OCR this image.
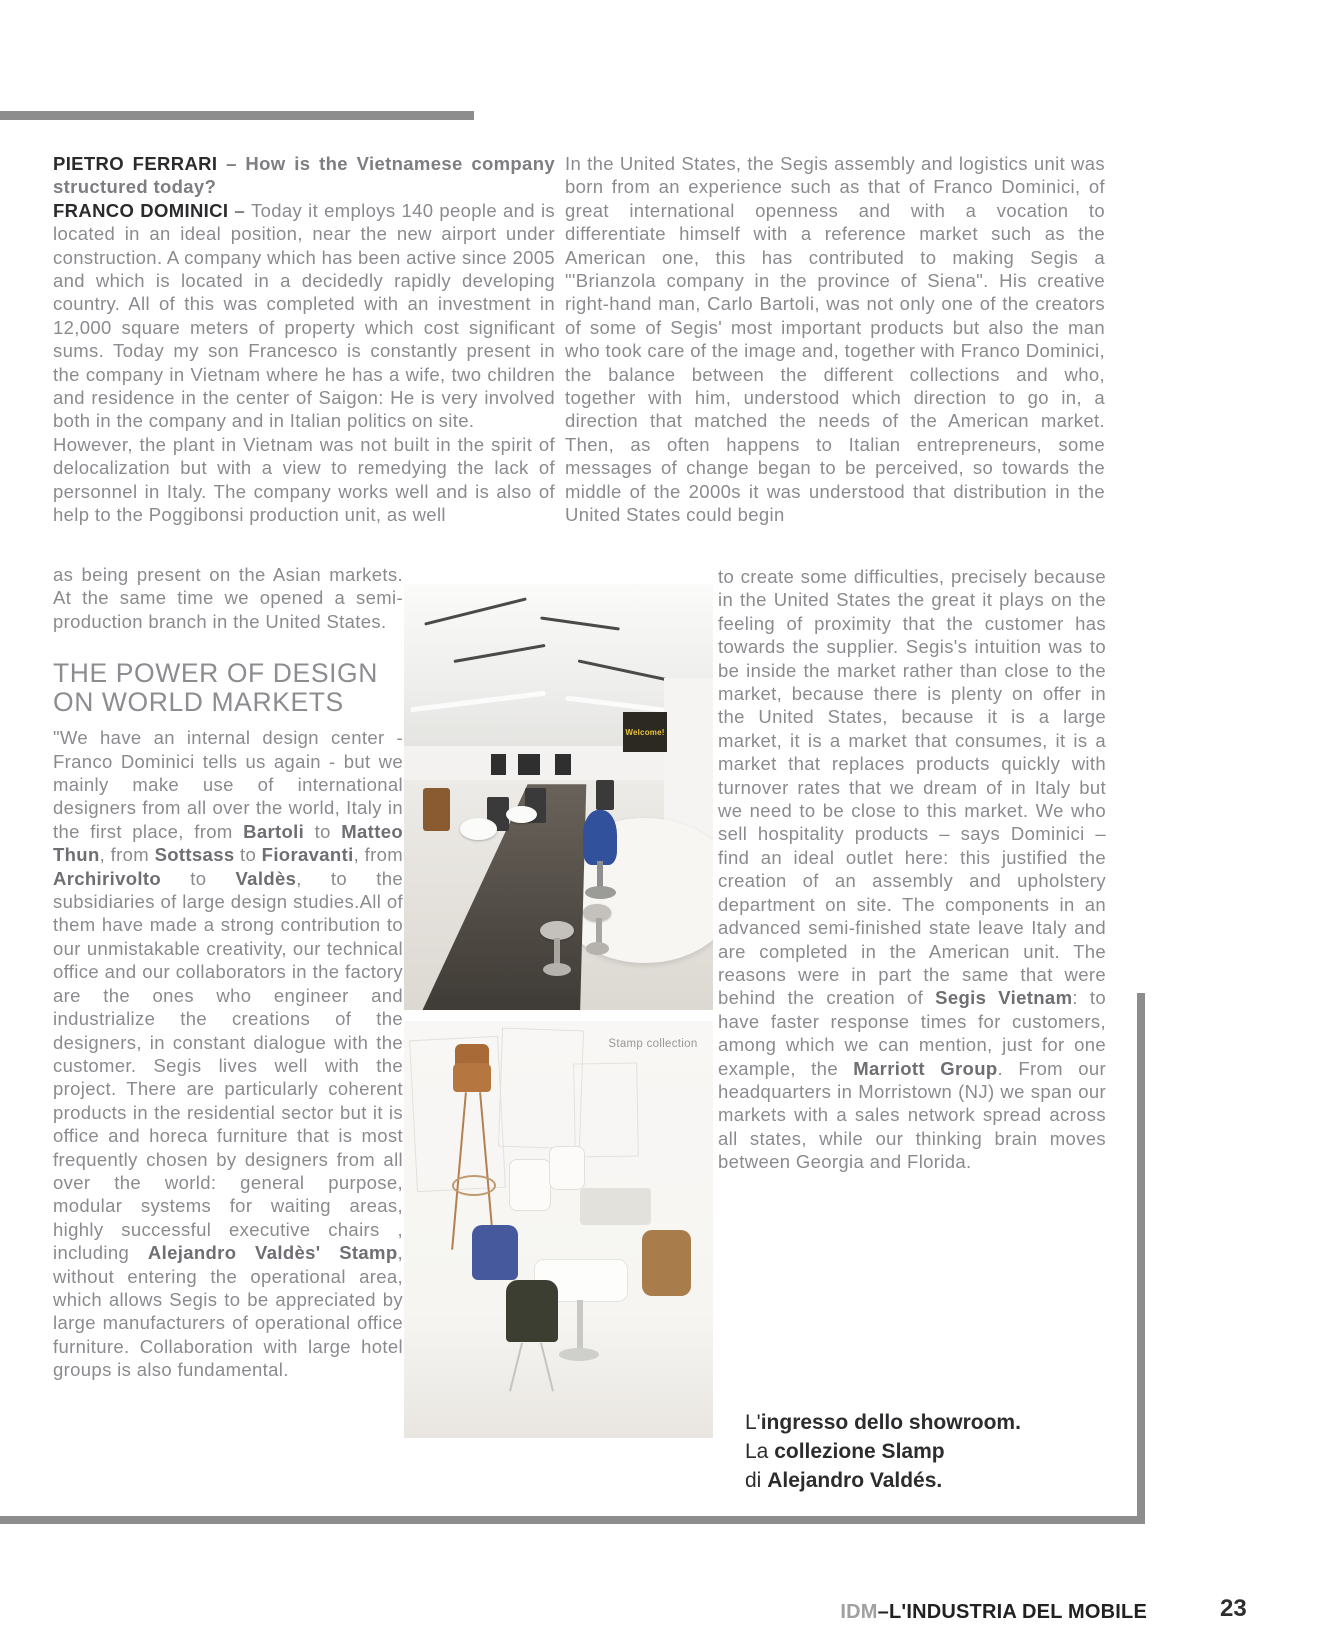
PIETRO FERRARI – How is the Vietnamese company structured today?

FRANCO DOMINICI – Today it employs 140 people and is located in an ideal position, near the new airport under construction. A company which has been active since 2005 and which is located in a decidedly rapidly developing country. All of this was completed with an investment in 12,000 square meters of property which cost significant sums. Today my son Francesco is constantly present in the company in Vietnam where he has a wife, two children and residence in the center of Saigon: He is very involved both in the company and in Italian politics on site.

However, the plant in Vietnam was not built in the spirit of delocalization but with a view to remedying the lack of personnel in Italy. The company works well and is also of help to the Poggibonsi production unit, as well

as being present on the Asian markets. At the same time we opened a semi-production branch in the United States.

THE POWER OF DESIGN
ON WORLD MARKETS

"We have an internal design center - Franco Dominici tells us again - but we mainly make use of international designers from all over the world, Italy in the first place, from Bartoli to Matteo Thun, from Sottsass to Fioravanti, from Archirivolto to Valdès, to the subsidiaries of large design studies.All of them have made a strong contribution to our unmistakable creativity, our technical office and our collaborators in the factory are the ones who engineer and industrialize the creations of the designers, in constant dialogue with the customer. Segis lives well with the project. There are particularly coherent products in the residential sector but it is office and horeca furniture that is most frequently chosen by designers from all over the world: general purpose, modular systems for waiting areas, highly successful executive chairs , including Alejandro Valdès' Stamp, without entering the operational area, which allows Segis to be appreciated by large manufacturers of operational office furniture. Collaboration with large hotel groups is also fundamental.

In the United States, the Segis assembly and logistics unit was born from an experience such as that of Franco Dominici, of great international openness and with a vocation to differentiate himself with a reference market such as the American one, this has contributed to making Segis a "'Brianzola company in the province of Siena". His creative right-hand man, Carlo Bartoli, was not only one of the creators of some of Segis' most important products but also the man who took care of the image and, together with Franco Dominici, the balance between the different collections and who, together with him, understood which direction to go in, a direction that matched the needs of the American market. Then, as often happens to Italian entrepreneurs, some messages of change began to be perceived, so towards the middle of the 2000s it was understood that distribution in the United States could begin

to create some difficulties, precisely because in the United States the great it plays on the feeling of proximity that the customer has towards the supplier. Segis's intuition was to be inside the market rather than close to the market, because there is plenty on offer in the United States, because it is a large market, it is a market that consumes, it is a market that replaces products quickly with turnover rates that we dream of in Italy but we need to be close to this market. We who sell hospitality products – says Dominici – find an ideal outlet here: this justified the creation of an assembly and upholstery department on site. The components in an advanced semi-finished state leave Italy and are completed in the American unit. The reasons were in part the same that were behind the creation of Segis Vietnam: to have faster response times for customers, among which we can mention, just for one example, the Marriott Group. From our headquarters in Morristown (NJ) we span our markets with a sales network spread across all states, while our thinking brain moves between Georgia and Florida.

Welcome!
Stamp collection
L'ingresso dello showroom.
La collezione Slamp
di Alejandro Valdés.
IDM–L'INDUSTRIA DEL MOBILE	23
